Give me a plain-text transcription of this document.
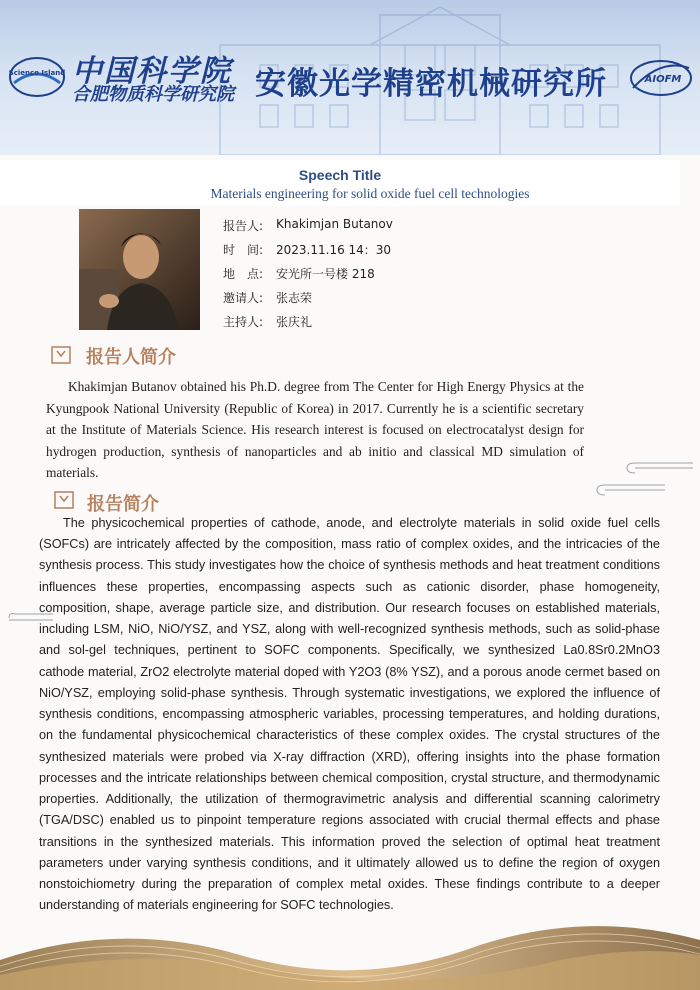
Science Island 中国科学院
合肥物质科学研究院 安徽光学精密机械研究所	AIOFM
Speech Title
Materials engineering for solid oxide fuel cell technologies
报告人:	Khakimjan Butanov
时　间:	2023.11.16 14：30
地　点:	安光所一号楼 218
邀请人:	张志荣
主持人:	张庆礼
报告人简介
Khakimjan Butanov obtained his Ph.D. degree from The Center for High Energy Physics at the Kyungpook National University (Republic of Korea) in 2017. Currently he is a scientific secretary at the Institute of Materials Science. His research interest is focused on electrocatalyst design for hydrogen production, synthesis of nanoparticles and ab initio and classical MD simulation of materials.
报告简介
The physicochemical properties of cathode, anode, and electrolyte materials in solid oxide fuel cells (SOFCs) are intricately affected by the composition, mass ratio of complex oxides, and the intricacies of the synthesis process. This study investigates how the choice of synthesis methods and heat treatment conditions influences these properties, encompassing aspects such as cationic disorder, phase homogeneity, composition, shape, average particle size, and distribution. Our research focuses on established materials, including LSM, NiO, NiO/YSZ, and YSZ, along with well-recognized synthesis methods, such as solid-phase and sol-gel techniques, pertinent to SOFC components. Specifically, we synthesized La0.8Sr0.2MnO3 cathode material, ZrO2 electrolyte material doped with Y2O3 (8% YSZ), and a porous anode cermet based on NiO/YSZ, employing solid-phase synthesis. Through systematic investigations, we explored the influence of synthesis conditions, encompassing atmospheric variables, processing temperatures, and holding durations, on the fundamental physicochemical characteristics of these complex oxides. The crystal structures of the synthesized materials were probed via X-ray diffraction (XRD), offering insights into the phase formation processes and the intricate relationships between chemical composition, crystal structure, and thermodynamic properties. Additionally, the utilization of thermogravimetric analysis and differential scanning calorimetry (TGA/DSC) enabled us to pinpoint temperature regions associated with crucial thermal effects and phase transitions in the synthesized materials. This information proved the selection of optimal heat treatment parameters under varying synthesis conditions, and it ultimately allowed us to define the region of oxygen nonstoichiometry during the preparation of complex metal oxides. These findings contribute to a deeper understanding of materials engineering for SOFC technologies.
